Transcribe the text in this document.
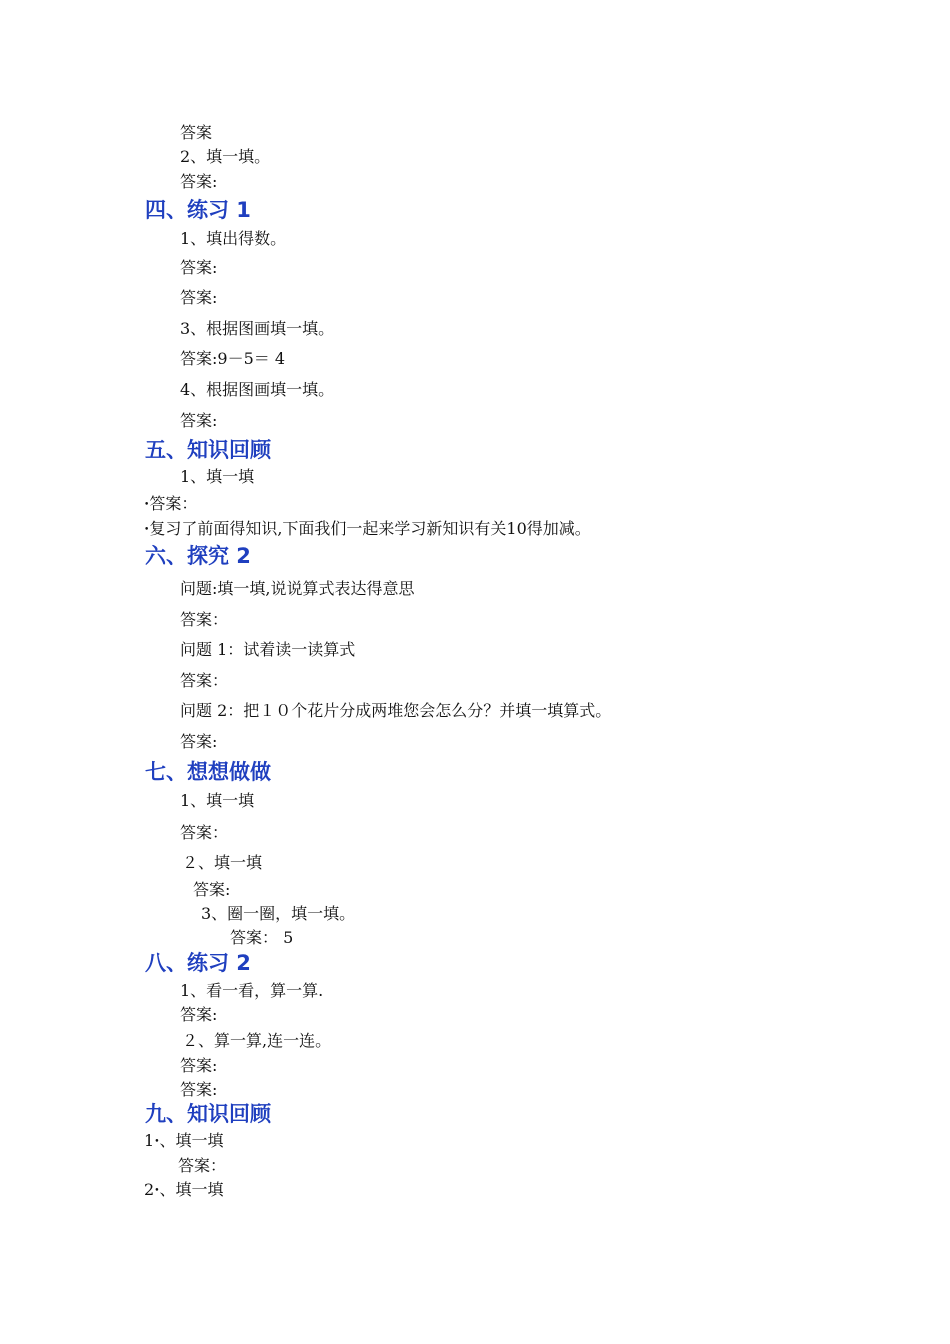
答案
2、填一填。
答案:
四、练习 1
1、填出得数。
答案:
答案:
3、根据图画填一填。
答案:9－5＝ 4
4、根据图画填一填。
答案:
五、知识回顾
1、填一填
•答案：
•复习了前面得知识,下面我们一起来学习新知识有关10得加减。
六、探究 2
问题:填一填,说说算式表达得意思
答案：
问题 1：试着读一读算式
答案：
问题 2：把１０个花片分成两堆您会怎么分？并填一填算式。
答案:
七、想想做做
1、填一填
答案：
２、填一填
答案:
3、圈一圈，填一填。
答案： 5
八、练习 2
1、看一看，算一算.
答案:
２、算一算,连一连。
答案:
答案:
九、知识回顾
1•、填一填
答案：
2•、填一填
